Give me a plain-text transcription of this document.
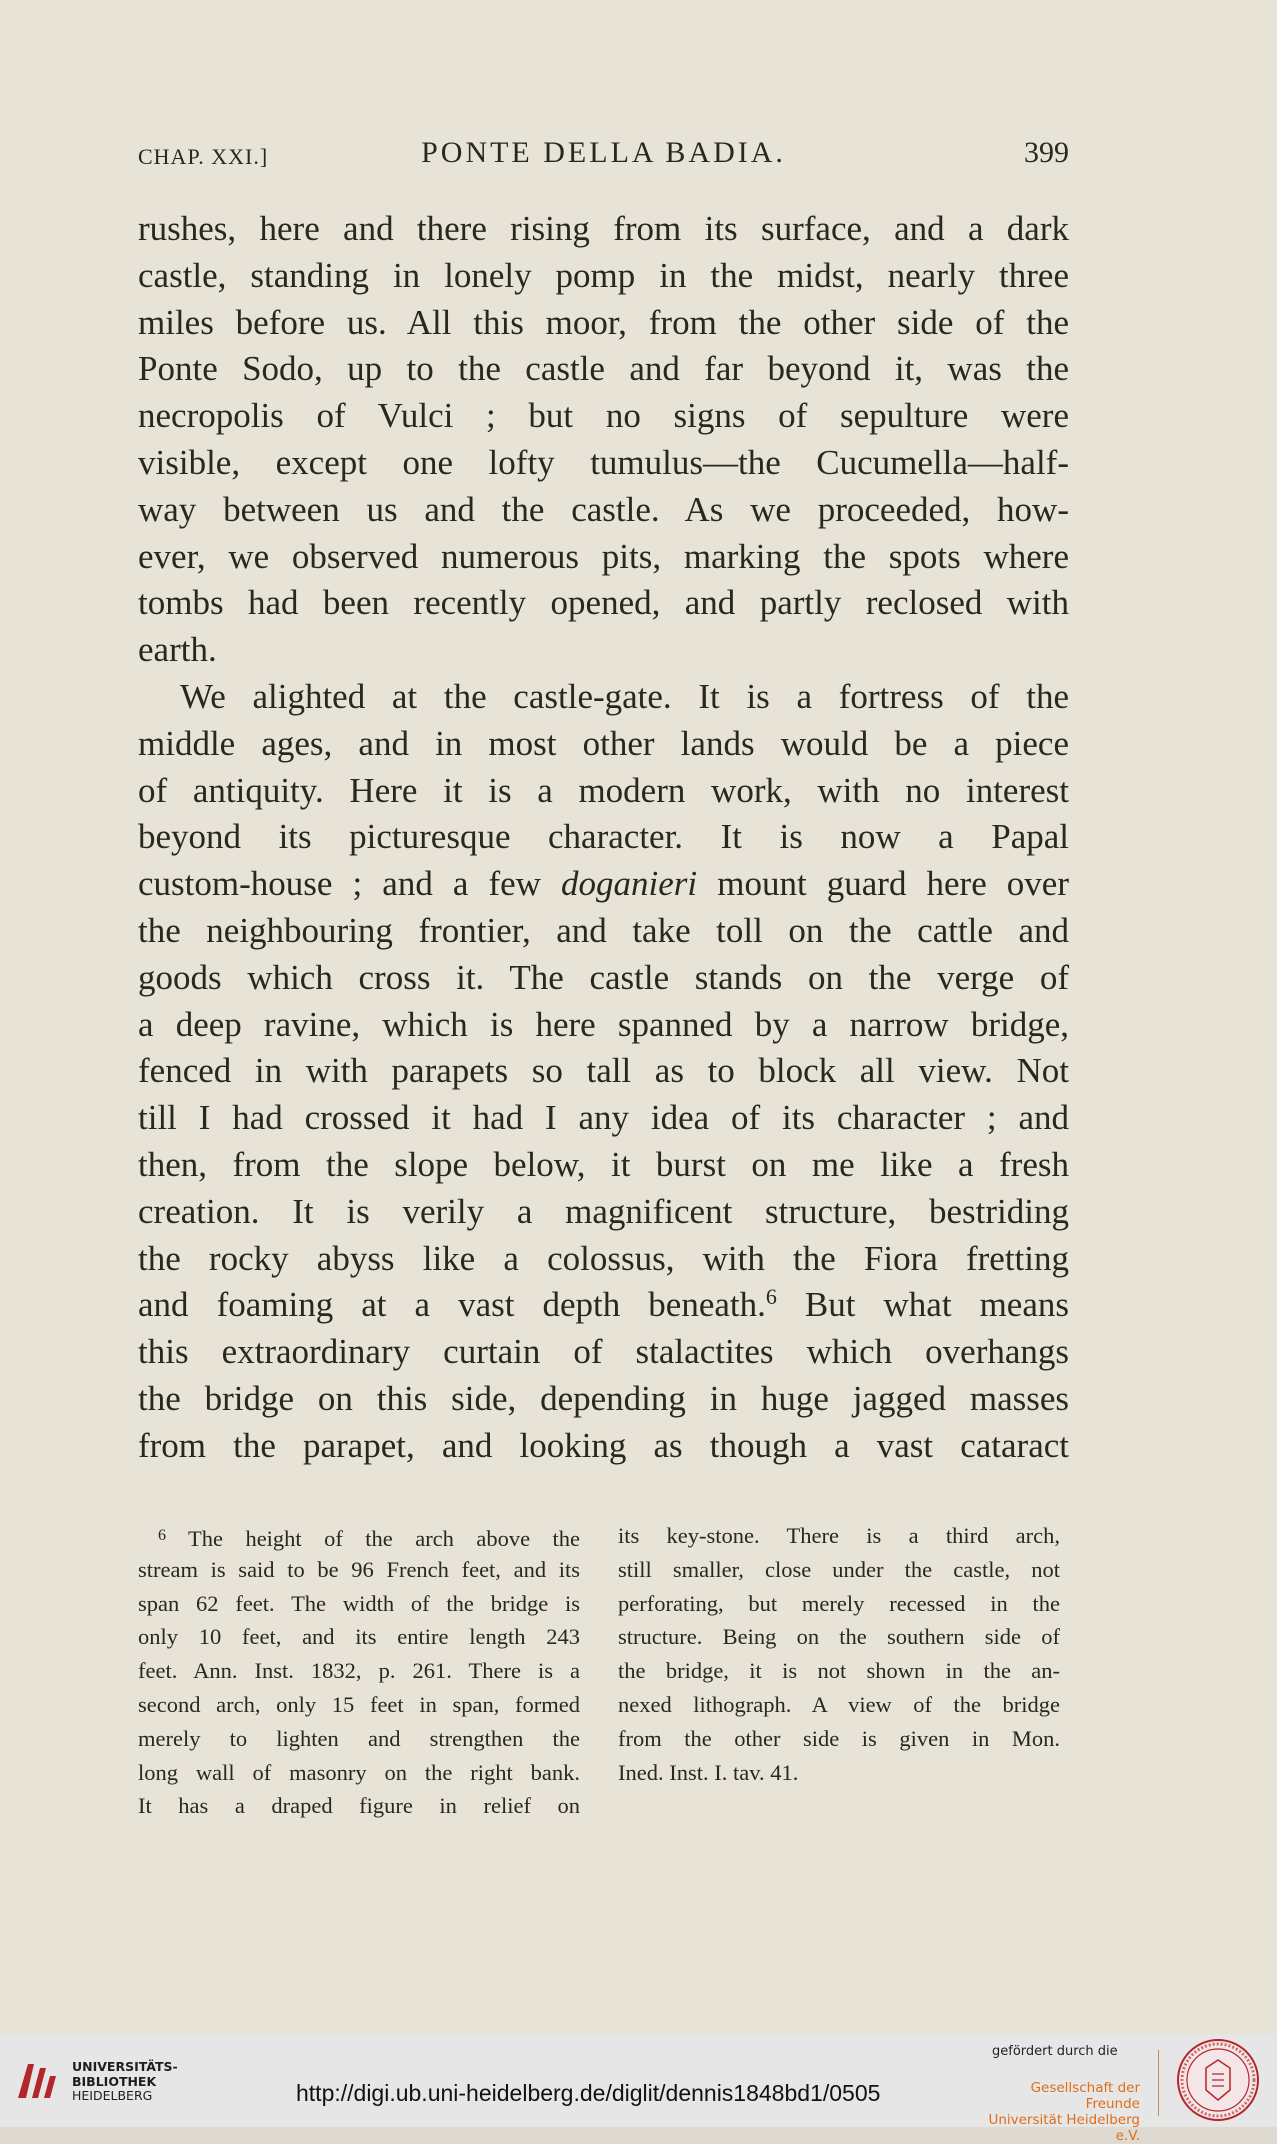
CHAP. XXI.]	PONTE DELLA BADIA.	399
rushes, here and there rising from its surface, and a dark
castle, standing in lonely pomp in the midst, nearly three
miles before us. All this moor, from the other side of the
Ponte Sodo, up to the castle and far beyond it, was the
necropolis of Vulci ; but no signs of sepulture were
visible, except one lofty tumulus—the Cucumella—half-
way between us and the castle. As we proceeded, how-
ever, we observed numerous pits, marking the spots where
tombs had been recently opened, and partly reclosed with
earth.
We alighted at the castle-gate. It is a fortress of the
middle ages, and in most other lands would be a piece
of antiquity. Here it is a modern work, with no interest
beyond its picturesque character. It is now a Papal
custom-house ; and a few doganieri mount guard here over
the neighbouring frontier, and take toll on the cattle and
goods which cross it. The castle stands on the verge of
a deep ravine, which is here spanned by a narrow bridge,
fenced in with parapets so tall as to block all view. Not
till I had crossed it had I any idea of its character ; and
then, from the slope below, it burst on me like a fresh
creation. It is verily a magnificent structure, bestriding
the rocky abyss like a colossus, with the Fiora fretting
and foaming at a vast depth beneath.$^6$ But what means
this extraordinary curtain of stalactites which overhangs
the bridge on this side, depending in huge jagged masses
from the parapet, and looking as though a vast cataract
$^6$ The height of the arch above the
stream is said to be 96 French feet, and its
span 62 feet. The width of the bridge is
only 10 feet, and its entire length 243
feet. Ann. Inst. 1832, p. 261. There is a
second arch, only 15 feet in span, formed
merely to lighten and strengthen the
long wall of masonry on the right bank.
It has a draped figure in relief on
its key-stone. There is a third arch,
still smaller, close under the castle, not
perforating, but merely recessed in the
structure. Being on the southern side of
the bridge, it is not shown in the an-
nexed lithograph. A view of the bridge
from the other side is given in Mon.
Ined. Inst. I. tav. 41.
UNIVERSITÄTS-
BIBLIOTHEK
HEIDELBERG	http://digi.ub.uni-heidelberg.de/diglit/dennis1848bd1/0505
gefördert durch die
Gesellschaft der Freunde
Universität Heidelberg e.V.
